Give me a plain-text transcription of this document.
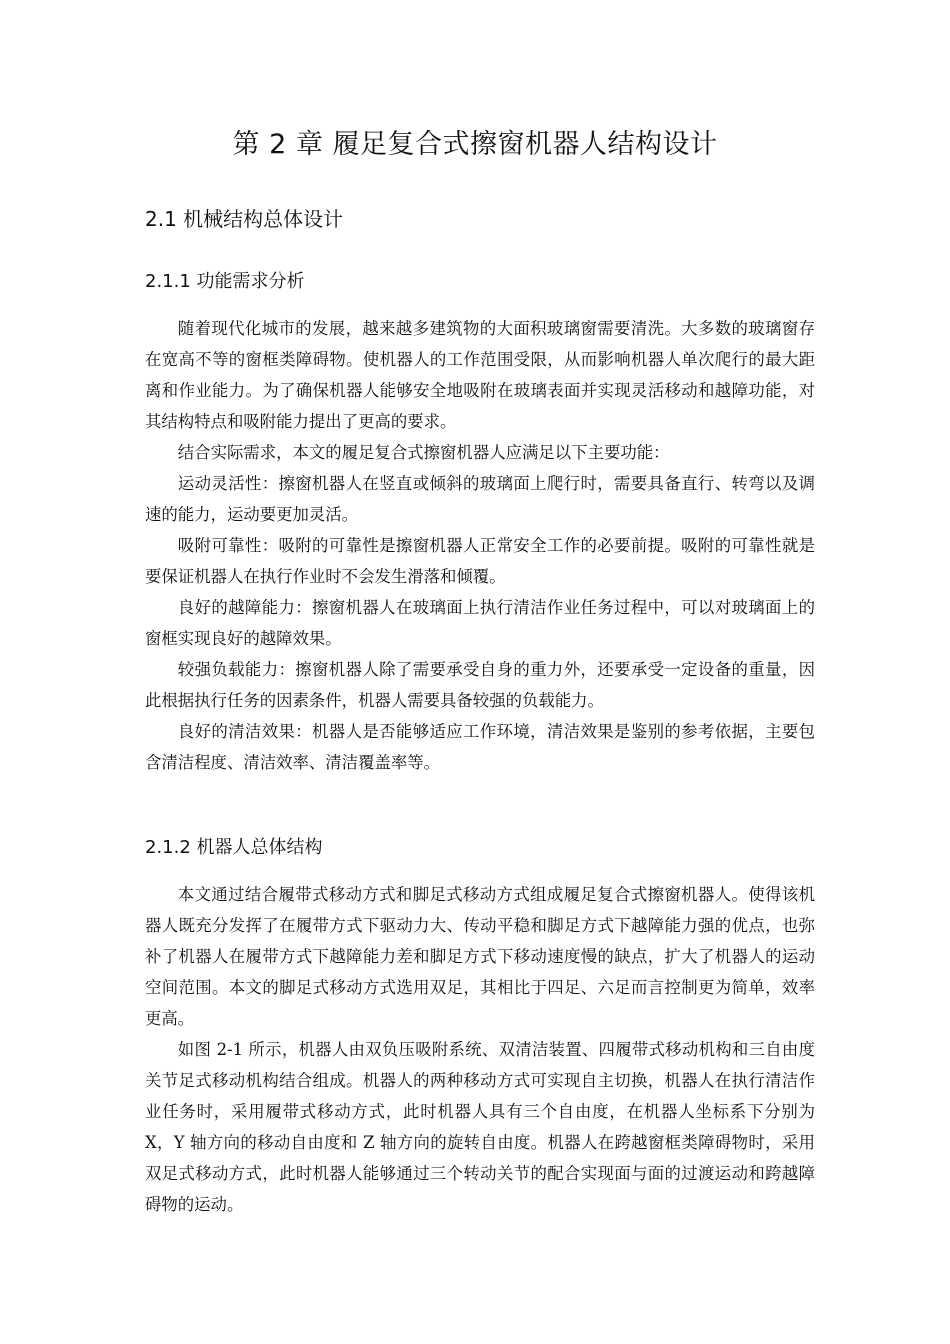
第 2 章 履足复合式擦窗机器人结构设计
2.1 机械结构总体设计
2.1.1 功能需求分析

随着现代化城市的发展，越来越多建筑物的大面积玻璃窗需要清洗。大多数的玻璃窗存在宽高不等的窗框类障碍物。使机器人的工作范围受限，从而影响机器人单次爬行的最大距离和作业能力。为了确保机器人能够安全地吸附在玻璃表面并实现灵活移动和越障功能，对其结构特点和吸附能力提出了更高的要求。

结合实际需求，本文的履足复合式擦窗机器人应满足以下主要功能：

运动灵活性：擦窗机器人在竖直或倾斜的玻璃面上爬行时，需要具备直行、转弯以及调速的能力，运动要更加灵活。

吸附可靠性：吸附的可靠性是擦窗机器人正常安全工作的必要前提。吸附的可靠性就是要保证机器人在执行作业时不会发生滑落和倾覆。

良好的越障能力：擦窗机器人在玻璃面上执行清洁作业任务过程中，可以对玻璃面上的窗框实现良好的越障效果。

较强负载能力：擦窗机器人除了需要承受自身的重力外，还要承受一定设备的重量，因此根据执行任务的因素条件，机器人需要具备较强的负载能力。

良好的清洁效果：机器人是否能够适应工作环境，清洁效果是鉴别的参考依据，主要包含清洁程度、清洁效率、清洁覆盖率等。

2.1.2 机器人总体结构

本文通过结合履带式移动方式和脚足式移动方式组成履足复合式擦窗机器人。使得该机器人既充分发挥了在履带方式下驱动力大、传动平稳和脚足方式下越障能力强的优点，也弥补了机器人在履带方式下越障能力差和脚足方式下移动速度慢的缺点，扩大了机器人的运动空间范围。本文的脚足式移动方式选用双足，其相比于四足、六足而言控制更为简单，效率更高。

如图 2-1 所示，机器人由双负压吸附系统、双清洁装置、四履带式移动机构和三自由度关节足式移动机构结合组成。机器人的两种移动方式可实现自主切换，机器人在执行清洁作业任务时，采用履带式移动方式，此时机器人具有三个自由度，在机器人坐标系下分别为 X，Y 轴方向的移动自由度和 Z 轴方向的旋转自由度。机器人在跨越窗框类障碍物时，采用双足式移动方式，此时机器人能够通过三个转动关节的配合实现面与面的过渡运动和跨越障碍物的运动。
